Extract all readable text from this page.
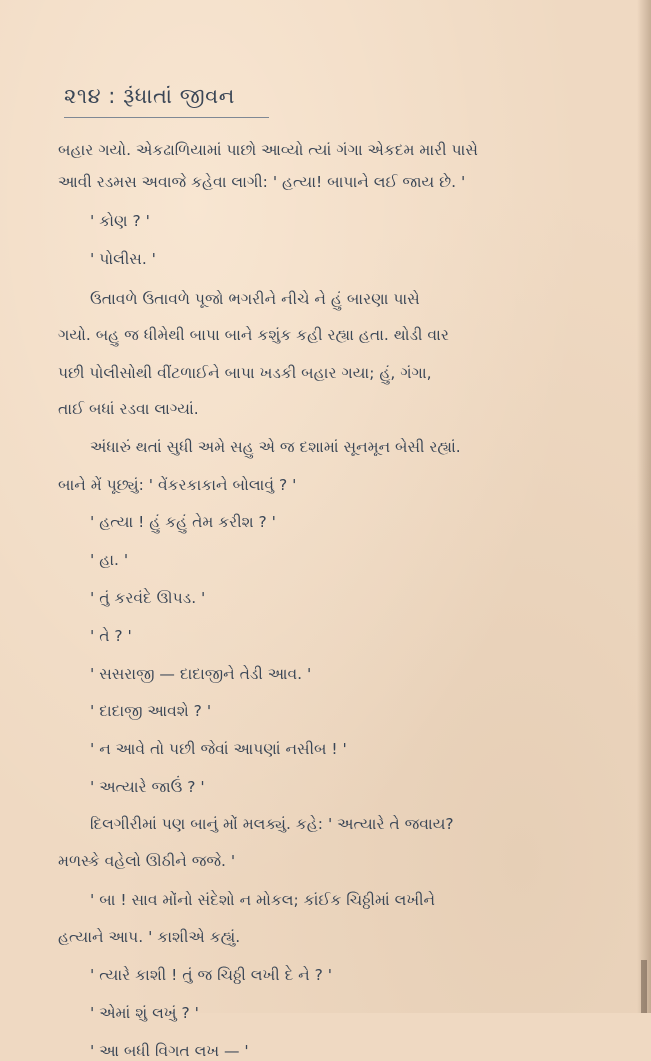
૨૧૪ : રૂંધાતાં જીવન
બહાર ગયો. એકઢાળિયામાં પાછો આવ્યો ત્યાં ગંગા એકદમ મારી પાસે
આવી રડમસ અવાજે કહેવા લાગી: ' હત્યા! બાપાને લઈ જાય છે. '
' કોણ ? '
' પોલીસ. '
ઉતાવળે ઉતાવળે પૂજો ભગરીને નીચે ને હું બારણા પાસે
ગયો. બહુ જ ધીમેથી બાપા બાને કશુંક કહી રહ્યા હતા. થોડી વાર
પછી પોલીસોથી વીંટળાઈને બાપા ખડકી બહાર ગયા; હું, ગંગા,
તાઈ બધાં રડવા લાગ્યાં.
અંધારું થતાં સુધી અમે સહુ એ જ દશામાં સૂનમૂન બેસી રહ્યાં.
બાને મેં પૂછ્યું: ' વેંકરકાકાને બોલાવું ? '
' હત્યા ! હું કહું તેમ કરીશ ? '
' હા. '
' તું કરવંદે ઊપડ. '
' તે ? '
' સસરાજી — દાદાજીને તેડી આવ. '
' દાદાજી આવશે ? '
' ન આવે તો પછી જેવાં આપણાં નસીબ ! '
' અત્યારે જાઉં ? '
દિલગીરીમાં પણ બાનું મોં મલક્યું. કહે: ' અત્યારે તે જવાય?
મળસ્કે વહેલો ઊઠીને જજે. '
' બા ! સાવ મોંનો સંદેશો ન મોકલ; કાંઈક ચિઠ્ઠીમાં લખીને
હત્યાને આપ. ' કાશીએ કહ્યું.
' ત્યારે કાશી ! તું જ ચિઠ્ઠી લખી દે ને ? '
' એમાં શું લખું ? '
' આ બધી વિગત લખ — '
